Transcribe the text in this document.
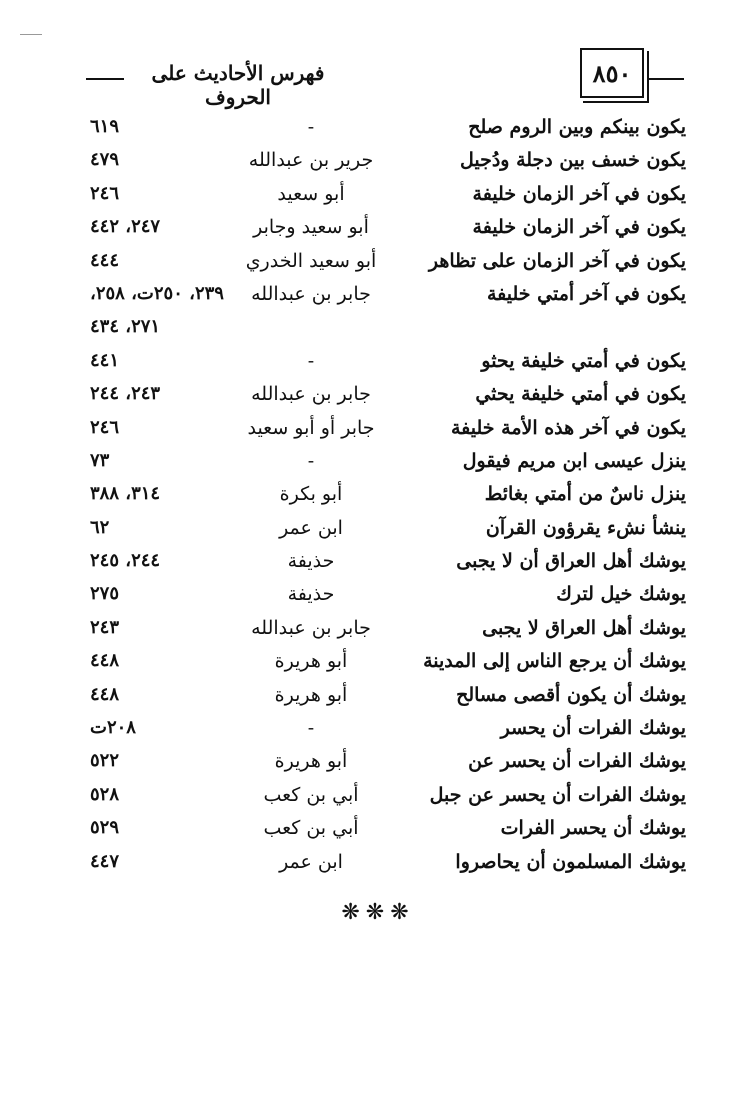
فهرس الأحاديث على الحروف
٨٥٠
يكون بينكم وبين الروم صلح
-
٦١٩
يكون خسف بين دجلة ودُجيل
جرير بن عبدالله
٤٧٩
يكون في آخر الزمان خليفة
أبو سعيد
٢٤٦
يكون في آخر الزمان خليفة
أبو سعيد وجابر
٢٤٧، ٤٤٢
يكون في آخر الزمان على تظاهر
أبو سعيد الخدري
٤٤٤
يكون في آخر أمتي خليفة
جابر بن عبدالله
٢٣٩، ٢٥٠ت، ٢٥٨،
٢٧١، ٤٣٤
يكون في أمتي خليفة يحثو
-
٤٤١
يكون في أمتي خليفة يحثي
جابر بن عبدالله
٢٤٣، ٢٤٤
يكون في آخر هذه الأمة خليفة
جابر أو أبو سعيد
٢٤٦
ينزل عيسى ابن مريم فيقول
-
٧٣
ينزل ناسٌ من أمتي بغائط
أبو بكرة
٣١٤، ٣٨٨
ينشأ نشء يقرؤون القرآن
ابن عمر
٦٢
يوشك أهل العراق أن لا يجبى
حذيفة
٢٤٤، ٢٤٥
يوشك خيل لترك
حذيفة
٢٧٥
يوشك أهل العراق لا يجبى
جابر بن عبدالله
٢٤٣
يوشك أن يرجع الناس إلى المدينة
أبو هريرة
٤٤٨
يوشك أن يكون أقصى مسالح
أبو هريرة
٤٤٨
يوشك الفرات أن يحسر
-
٢٠٨ت
يوشك الفرات أن يحسر عن
أبو هريرة
٥٢٢
يوشك الفرات أن يحسر عن جبل
أبي بن كعب
٥٢٨
يوشك أن يحسر الفرات
أبي بن كعب
٥٢٩
يوشك المسلمون أن يحاصروا
ابن عمر
٤٤٧
❋❋❋
